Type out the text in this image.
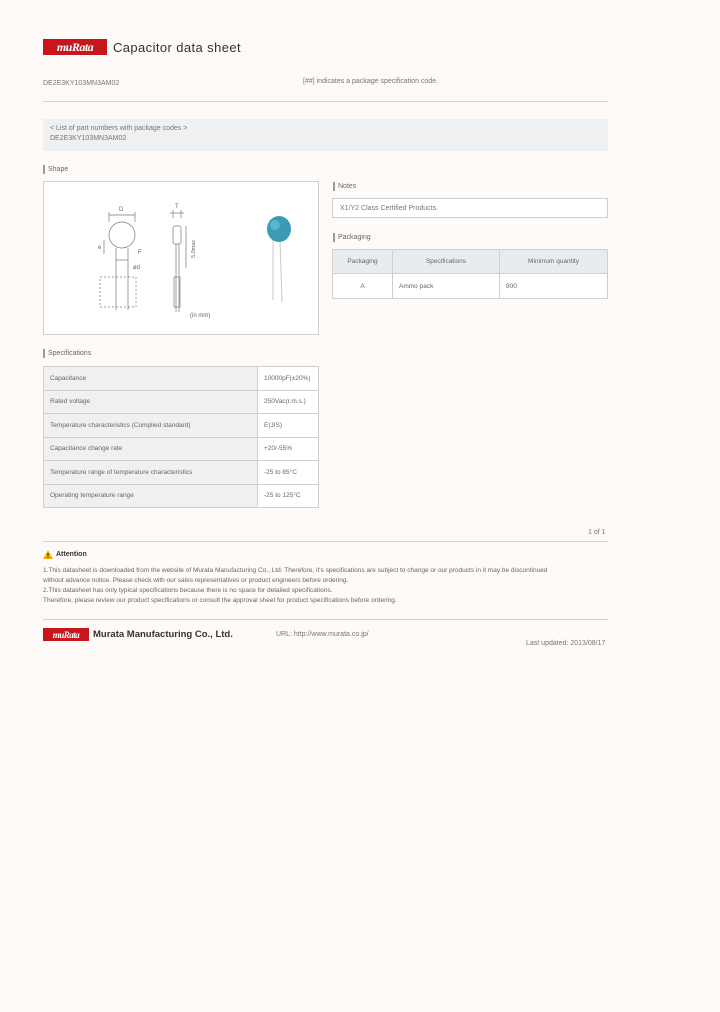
muRata Capacitor data sheet
DE2E3KY103MN3AM02	[##] indicates a package specification code.
< List of part numbers with package codes >
DE2E3KY103MN3AM02
Shape
D	T
e
F
ød
5.0max
(in mm)
Notes
X1/Y2 Class Certified Products.
Packaging
Packaging	Specifications	Minimum quantity
A	Ammo pack	800
Specifications
Capacitance	10000pF(±20%)
Rated voltage	250Vac(r.m.s.)
Temperature characteristics (Complied standard)	E(JIS)
Capacitance change rate	+20/-55%
Temperature range of temperature characteristics	-25 to 85°C
Operating temperature range	-25 to 125°C
1 of 1
Attention
1.This datasheet is downloaded from the website of Murata Manufacturing Co., Ltd. Therefore, it's specifications are subject to change or our products in it may be discontinued
without advance notice. Please check with our sales representatives or product engineers before ordering.
2.This datasheet has only typical specifications because there is no space for detailed specifications.
Therefore, please review our product specifications or consult the approval sheet for product specifications before ordering.
muRata Murata Manufacturing Co., Ltd.	URL: http://www.murata.co.jp/
Last updated: 2013/08/17
